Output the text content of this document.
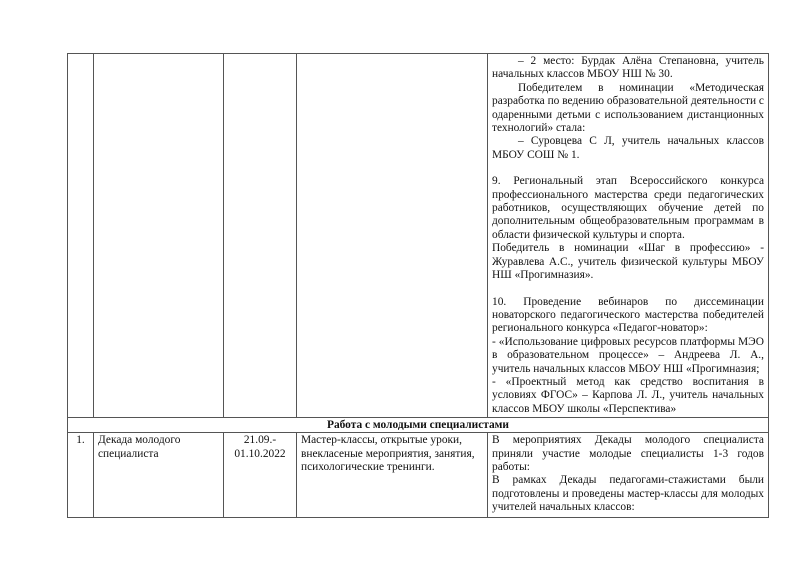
– 2 место: Бурдак Алёна Степановна, учитель начальных классов МБОУ НШ № 30.

Победителем в номинации «Методическая разработка по ведению образовательной деятельности с одаренными детьми с использованием дистанционных технологий» стала:

– Суровцева С Л, учитель начальных классов МБОУ СОШ № 1.

9. Региональный этап Всероссийского конкурса профессионального мастерства среди педагогических работников, осуществляющих обучение детей по дополнительным общеобразовательным программам в области физической культуры и спорта.

Победитель в номинации «Шаг в профессию» - Журавлева А.С., учитель физической культуры МБОУ НШ «Прогимназия».

10. Проведение вебинаров по диссеминации новаторского педагогического мастерства победителей регионального конкурса «Педагог-новатор»:

- «Использование цифровых ресурсов платформы МЭО в образовательном процессе» – Андреева Л. А., учитель начальных классов МБОУ НШ «Прогимназия;

- «Проектный метод как средство воспитания в условиях ФГОС» – Карпова Л. Л., учитель начальных классов МБОУ школы «Перспектива»

Работа с молодыми специалистами				
1.	Декада молодого специалиста	21.09.- 01.10.2022	Мастер-классы, открытые уроки, внекласеные мероприятия, занятия, психологические тренинги.	В мероприятиях Декады молодого специалиста приняли участие молодые специалисты 1-3 годов работы:

В рамках Декады педагогами-стажистами были подготовлены и проведены мастер-классы для молодых учителей начальных классов:
